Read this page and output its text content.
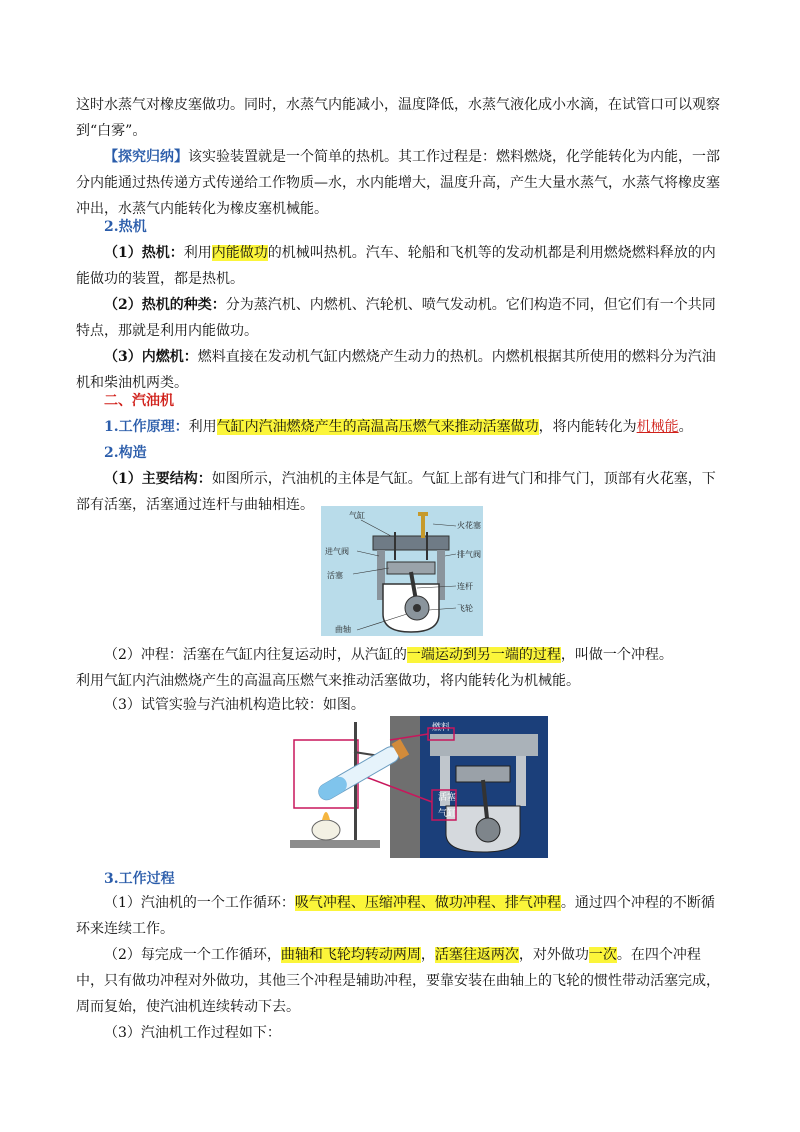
这时水蒸气对橡皮塞做功。同时，水蒸气内能减小，温度降低，水蒸气液化成小水滴，在试管口可以观察到“白雾”。
【探究归纳】该实验装置就是一个简单的热机。其工作过程是：燃料燃烧，化学能转化为内能，一部分内能通过热传递方式传递给工作物质—水，水内能增大，温度升高，产生大量水蒸气，水蒸气将橡皮塞冲出，水蒸气内能转化为橡皮塞机械能。
2.热机
（1）热机：利用内能做功的机械叫热机。汽车、轮船和飞机等的发动机都是利用燃烧燃料释放的内能做功的装置，都是热机。
（2）热机的种类：分为蒸汽机、内燃机、汽轮机、喷气发动机。它们构造不同，但它们有一个共同特点，那就是利用内能做功。
（3）内燃机：燃料直接在发动机气缸内燃烧产生动力的热机。内燃机根据其所使用的燃料分为汽油机和柴油机两类。
二、汽油机
1.工作原理：利用气缸内汽油燃烧产生的高温高压燃气来推动活塞做功，将内能转化为机械能。
2.构造
（1）主要结构：如图所示，汽油机的主体是气缸。气缸上部有进气门和排气门，顶部有火花塞，下部有活塞，活塞通过连杆与曲轴相连。
气缸
火花塞
进气阀	排气阀
活塞
连杆
飞轮
曲轴
（2）冲程：活塞在气缸内往复运动时，从汽缸的一端运动到另一端的过程，叫做一个冲程。
利用气缸内汽油燃烧产生的高温高压燃气来推动活塞做功，将内能转化为机械能。
（3）试管实验与汽油机构造比较：如图。
燃料
活塞
气缸
3.工作过程
（1）汽油机的一个工作循环：吸气冲程、压缩冲程、做功冲程、排气冲程。通过四个冲程的不断循环来连续工作。
（2）每完成一个工作循环，曲轴和飞轮均转动两周，活塞往返两次，对外做功一次。在四个冲程中，只有做功冲程对外做功，其他三个冲程是辅助冲程，要靠安装在曲轴上的飞轮的惯性带动活塞完成，周而复始，使汽油机连续转动下去。
（3）汽油机工作过程如下：
